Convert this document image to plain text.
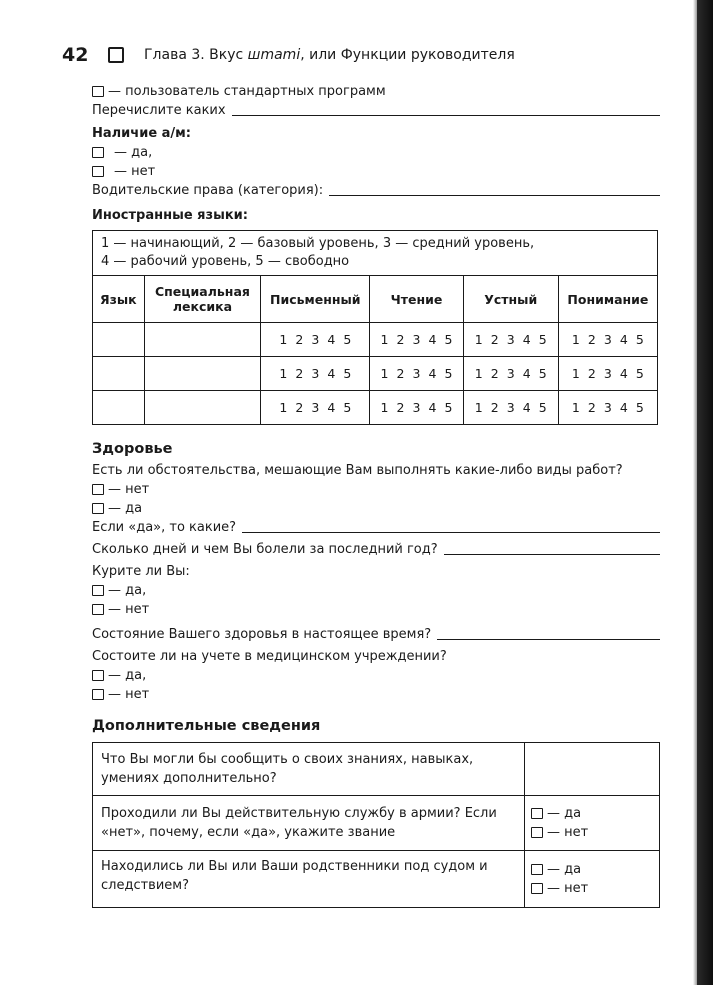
42	Глава 3. Вкус шmаmi, или Функции руководителя
— пользователь стандартных программ
Перечислите каких
Наличие а/м:
— да,
— нет
Водительские права (категория):
Иностранные языки:
1 — начинающий, 2 — базовый уровень, 3 — средний уровень,
4 — рабочий уровень, 5 — свободно					

Язык	Специальная лексика	Письменный	Чтение	Устный	Понимание
		1 2 3 4 5	1 2 3 4 5	1 2 3 4 5	1 2 3 4 5
		1 2 3 4 5	1 2 3 4 5	1 2 3 4 5	1 2 3 4 5
		1 2 3 4 5	1 2 3 4 5	1 2 3 4 5	1 2 3 4 5
Здоровье
Есть ли обстоятельства, мешающие Вам выполнять какие-либо виды работ?
— нет
— да
Если «да», то какие?
Сколько дней и чем Вы болели за последний год?
Курите ли Вы:
— да,
— нет
Состояние Вашего здоровья в настоящее время?
Состоите ли на учете в медицинском учреждении?
— да,
— нет
Дополнительные сведения
Что Вы могли бы сообщить о своих знаниях, навыках, умениях дополнительно?	
Проходили ли Вы действительную службу в армии? Если «нет», почему, если «да», укажите звание	— да
— нет

Находились ли Вы или Ваши родственники под судом и следствием?	— да
— нет
